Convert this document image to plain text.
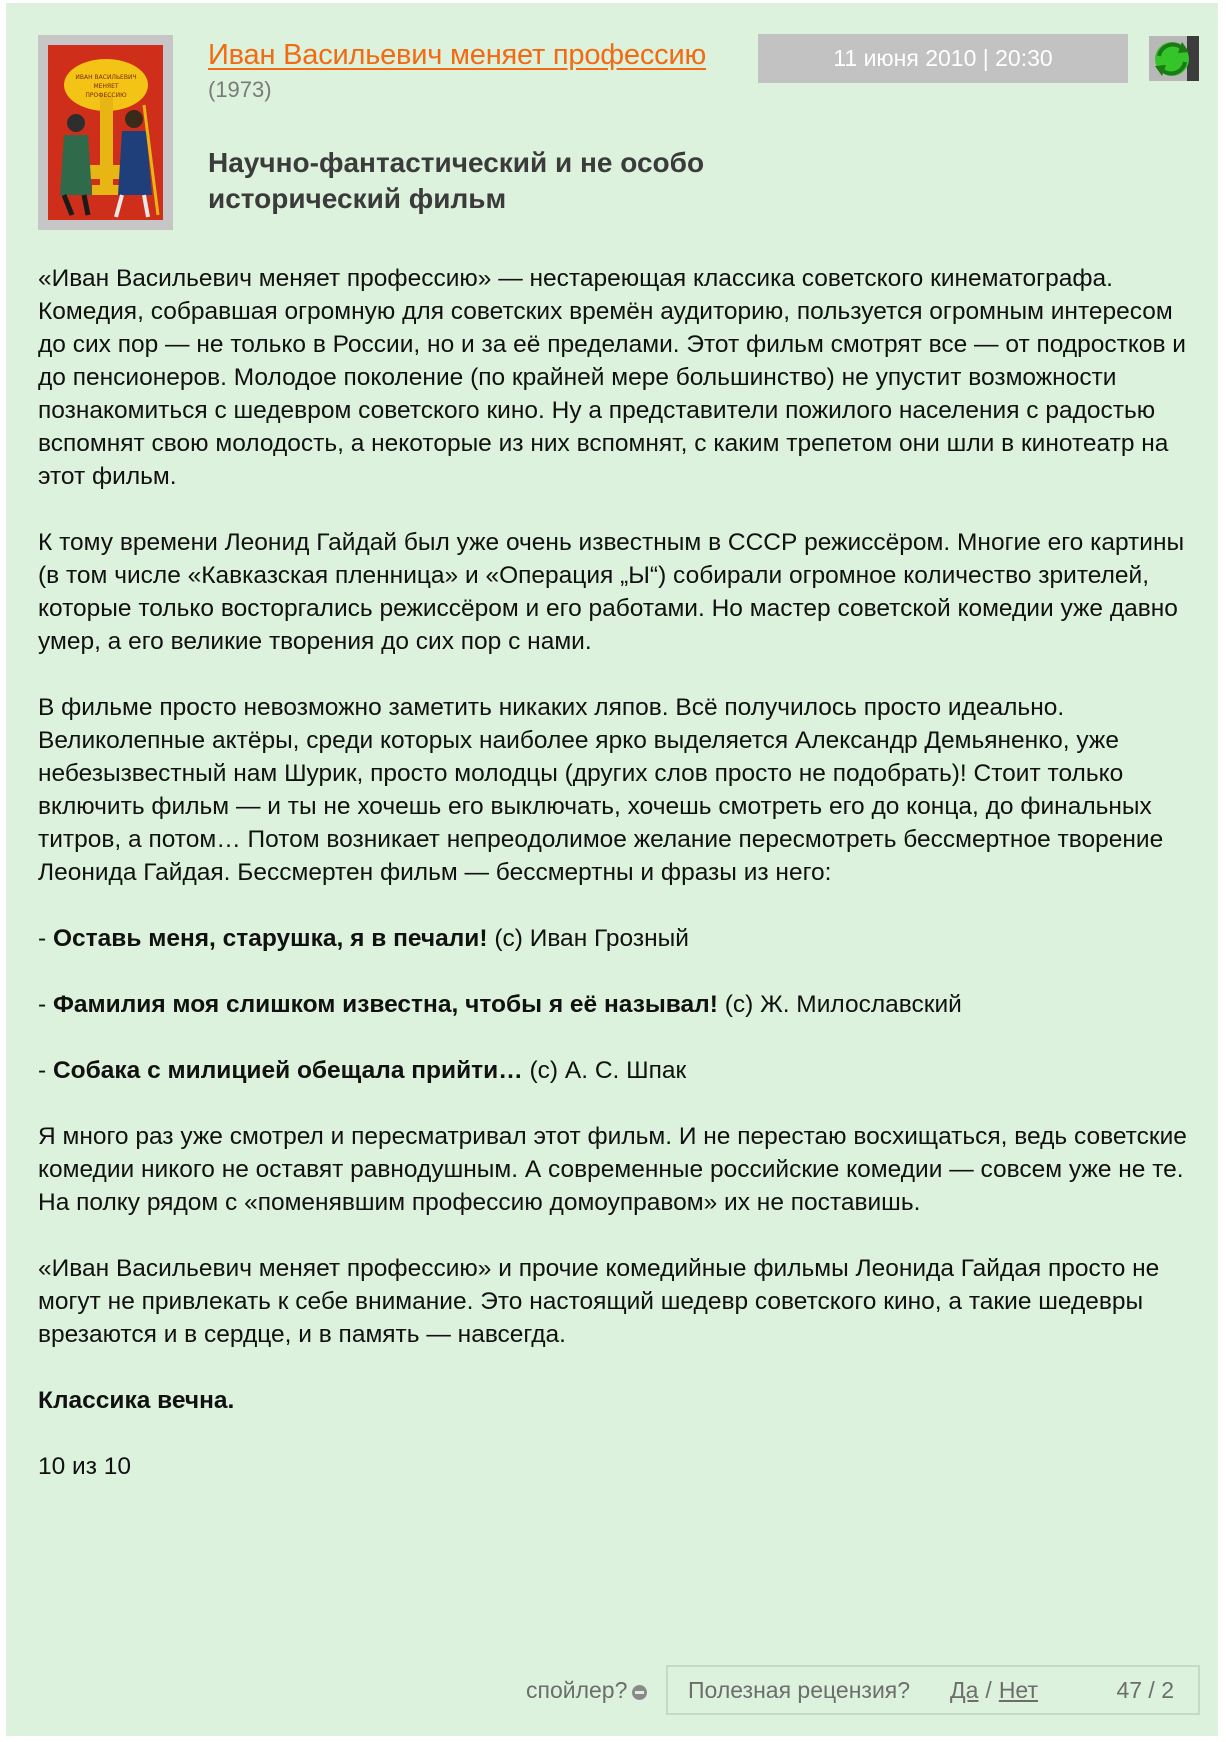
ИВАН ВАСИЛЬЕВИЧ
МЕНЯЕТ
ПРОФЕССИЮ
Иван Васильевич меняет профессию
(1973)
11 июня 2010 | 20:30
Научно-фантастический и не особо исторический фильм

«Иван Васильевич меняет профессию» — нестареющая классика советского кинематографа. Комедия, собравшая огромную для советских времён аудиторию, пользуется огромным интересом до сих пор — не только в России, но и за её пределами. Этот фильм смотрят все — от подростков и до пенсионеров. Молодое поколение (по крайней мере большинство) не упустит возможности познакомиться с шедевром советского кино. Ну а представители пожилого населения с радостью вспомнят свою молодость, а некоторые из них вспомнят, с каким трепетом они шли в кинотеатр на этот фильм.

К тому времени Леонид Гайдай был уже очень известным в СССР режиссёром. Многие его картины (в том числе «Кавказская пленница» и «Операция „Ы“) собирали огромное количество зрителей, которые только восторгались режиссёром и его работами. Но мастер советской комедии уже давно умер, а его великие творения до сих пор с нами.

В фильме просто невозможно заметить никаких ляпов. Всё получилось просто идеально. Великолепные актёры, среди которых наиболее ярко выделяется Александр Демьяненко, уже небезызвестный нам Шурик, просто молодцы (других слов просто не подобрать)! Стоит только включить фильм — и ты не хочешь его выключать, хочешь смотреть его до конца, до финальных титров, а потом… Потом возникает непреодолимое желание пересмотреть бессмертное творение Леонида Гайдая. Бессмертен фильм — бессмертны и фразы из него:

- Оставь меня, старушка, я в печали! (с) Иван Грозный

- Фамилия моя слишком известна, чтобы я её называл! (с) Ж. Милославский

- Собака с милицией обещала прийти… (с) А. С. Шпак

Я много раз уже смотрел и пересматривал этот фильм. И не перестаю восхищаться, ведь советские комедии никого не оставят равнодушным. А современные российские комедии — совсем уже не те. На полку рядом с «поменявшим профессию домоуправом» их не поставишь.

«Иван Васильевич меняет профессию» и прочие комедийные фильмы Леонида Гайдая просто не могут не привлекать к себе внимание. Это настоящий шедевр советского кино, а такие шедевры врезаются и в сердце, и в память — навсегда.

Классика вечна.

10 из 10

спойлер?	Полезная рецензия? Да / Нет	47 / 2
